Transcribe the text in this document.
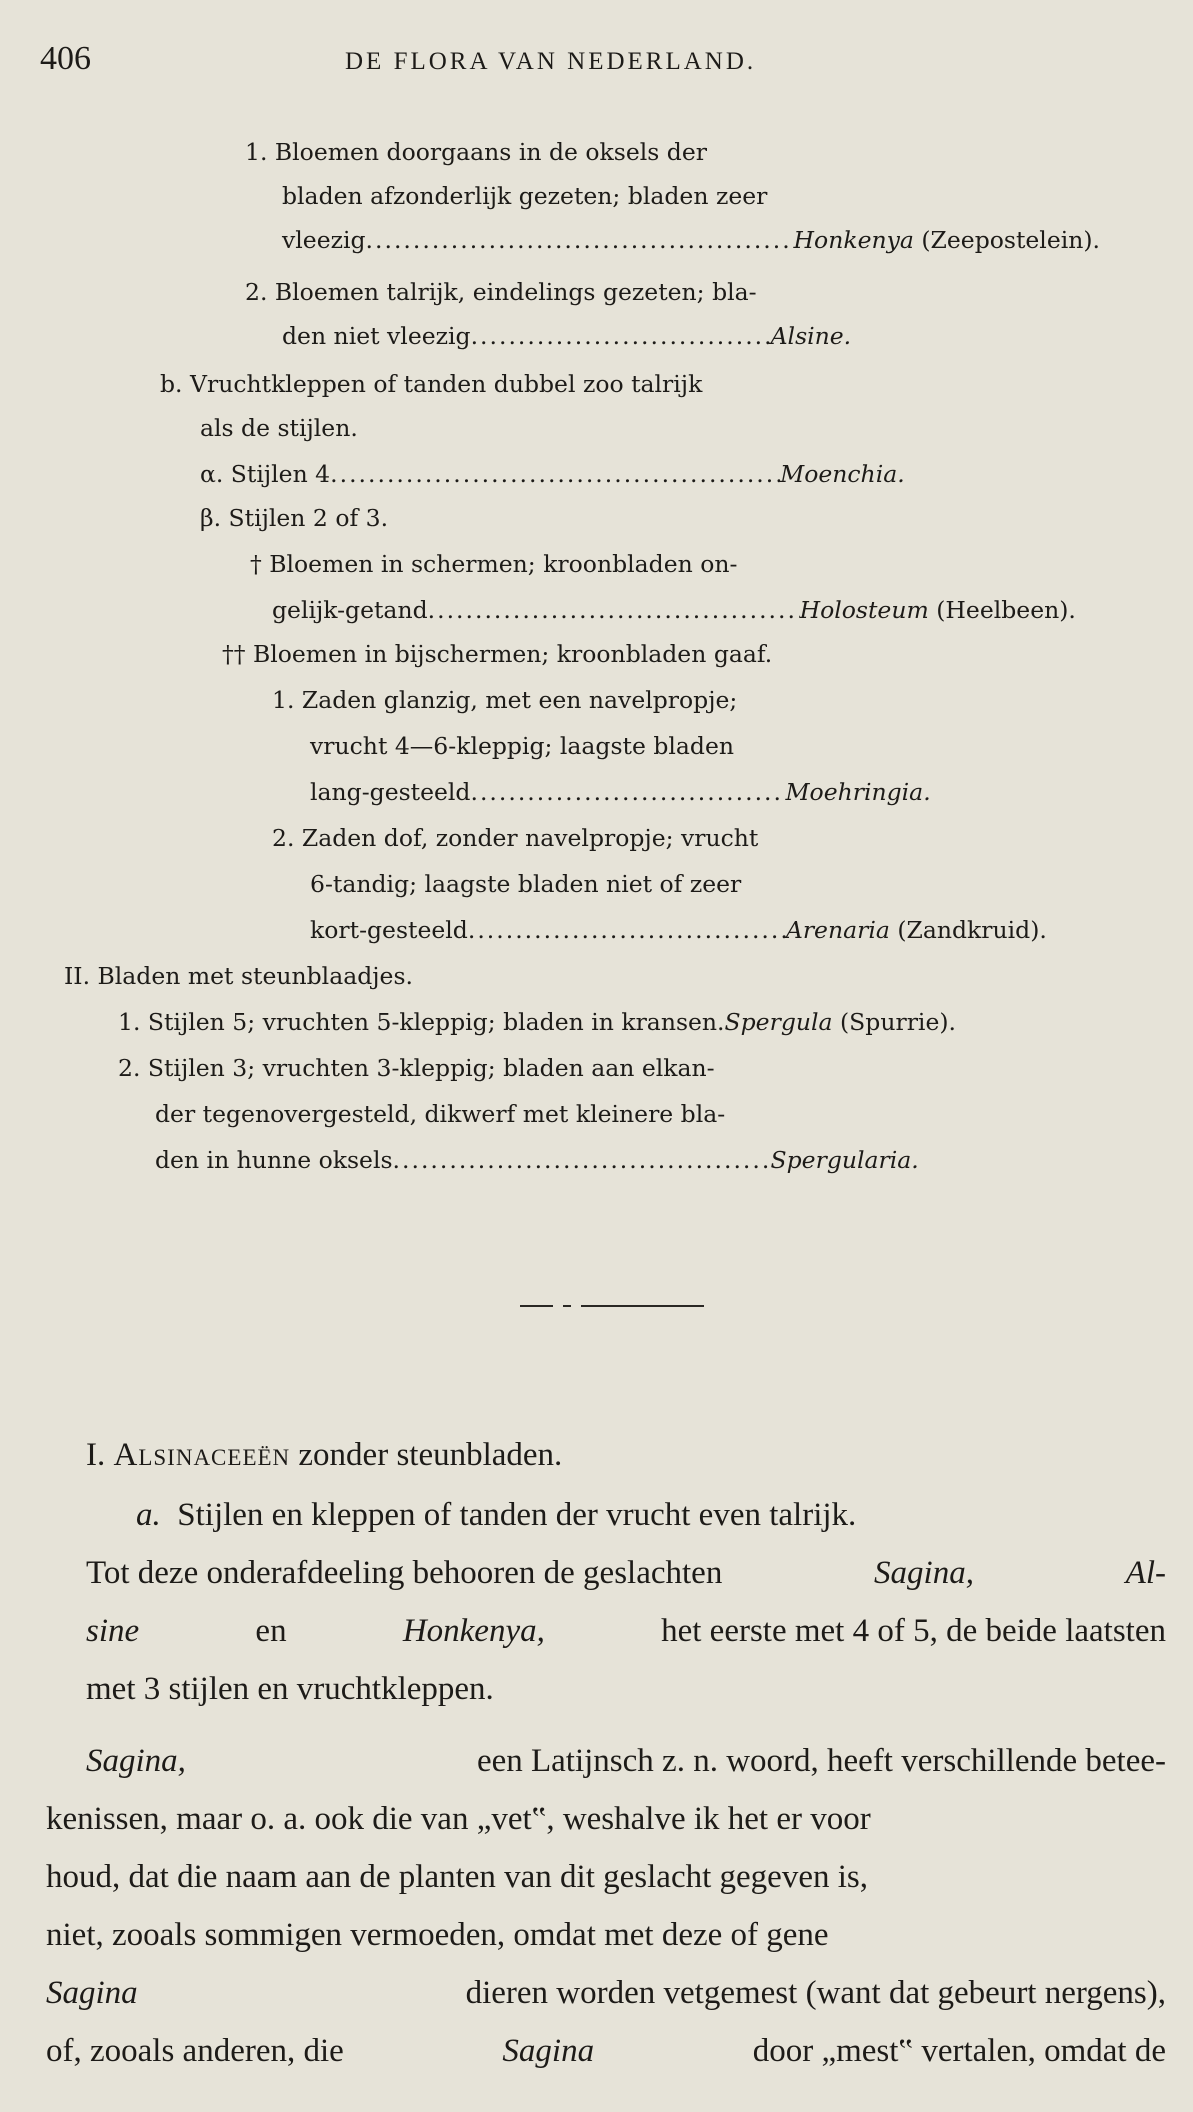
406	DE FLORA VAN NEDERLAND.
1. Bloemen doorgaans in de oksels der
bladen afzonderlijk gezeten; bladen zeer
vleezig .....	Honkenya (Zeepostelein).
2. Bloemen talrijk, eindelings gezeten; bla-
den niet vleezig .....	Alsine.
b. Vruchtkleppen of tanden dubbel zoo talrijk
als de stijlen.
α. Stijlen 4 .....	Moenchia.
β. Stijlen 2 of 3.
† Bloemen in schermen; kroonbladen on-
gelijk-getand .....	Holosteum (Heelbeen).
†† Bloemen in bijschermen; kroonbladen gaaf.
1. Zaden glanzig, met een navelpropje;
vrucht 4—6-kleppig; laagste bladen
lang-gesteeld .....	Moehringia.
2. Zaden dof, zonder navelpropje; vrucht
6-tandig; laagste bladen niet of zeer
kort-gesteeld .....	Arenaria (Zandkruid).
II. Bladen met steunblaadjes.
1. Stijlen 5; vruchten 5-kleppig; bladen in kransen.Spergula (Spurrie).
2. Stijlen 3; vruchten 3-kleppig; bladen aan elkan-
der tegenovergesteld, dikwerf met kleinere bla-
den in hunne oksels .....	Spergularia.
I. Alsinaceeën zonder steunbladen.
a. Stijlen en kleppen of tanden der vrucht even talrijk.
Tot deze onderafdeeling behooren de geslachten	Sagina,	Al-
sine	en	Honkenya,	het eerste met 4 of 5, de beide laatsten
met 3 stijlen en vruchtkleppen.
Sagina,	een Latijnsch z. n. woord, heeft verschillende betee-
kenissen, maar o. a. ook die van „vet‟, weshalve ik het er voor
houd, dat die naam aan de planten van dit geslacht gegeven is,
niet, zooals sommigen vermoeden, omdat met deze of gene
Sagina	dieren worden vetgemest (want dat gebeurt nergens),
of, zooals anderen, die	Sagina	door „mest‟ vertalen, omdat de
